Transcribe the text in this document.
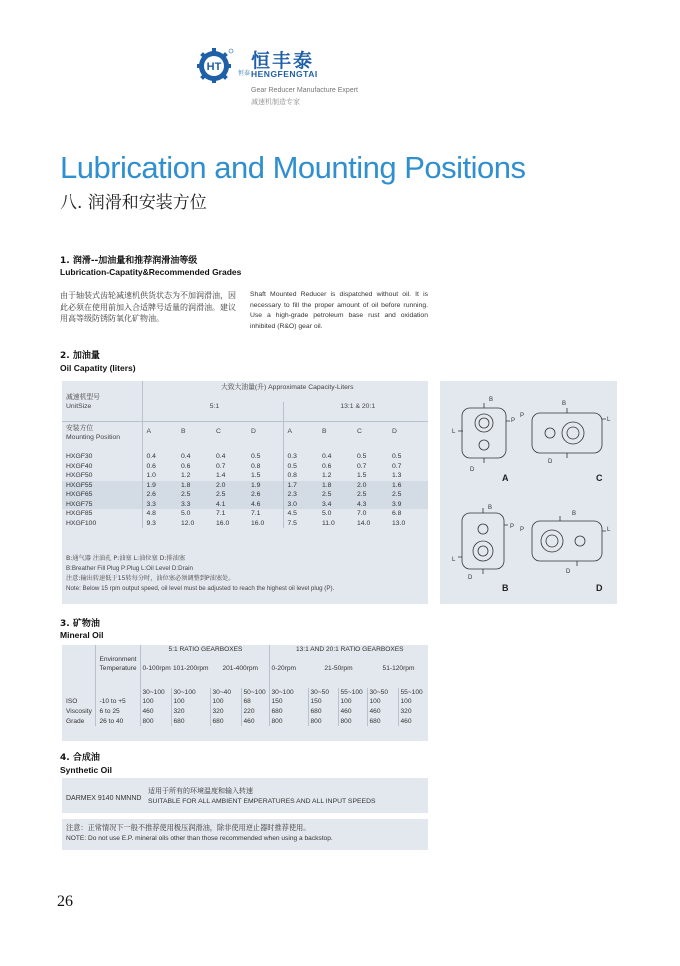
HT
恒泰
恒丰泰
HENGFENGTAI
Gear Reducer Manufacture Expert
减速机制造专家
Lubrication and Mounting Positions
八. 润滑和安装方位
1. 润滑--加油量和推荐润滑油等级
Lubrication-Capatity&Recommended Grades
由于轴装式齿轮减速机供货状态为不加润滑油，因此必须在使用前加入合适牌号适量的润滑油。建议用高等级防锈防氧化矿物油。
Shaft Mounted Reducer is dispatched without oil. It is necessary to fill the proper amount of oil before running. Use a high-grade petroleum base rust and oxidation inhibited (R&O) gear oil.
2. 加油量
Oil Capatity (liters)
	大致大油量(升) Approximate Capacity-Liters							
减速机型号								
UnitSize	5:1				13:1 & 20:1			

安装方位	A	B	C	D	A	B	C	D
Mounting Position								

HXGF30	0.4	0.4	0.4	0.5	0.3	0.4	0.5	0.5
HXGF40	0.6	0.6	0.7	0.8	0.5	0.6	0.7	0.7
HXGF50	1.0	1.2	1.4	1.5	0.8	1.2	1.5	1.3
HXGF55	1.9	1.8	2.0	1.9	1.7	1.8	2.0	1.6
HXGF65	2.6	2.5	2.5	2.6	2.3	2.5	2.5	2.5
HXGF75	3.3	3.3	4.1	4.6	3.0	3.4	4.3	3.9
HXGF85	4.8	5.0	7.1	7.1	4.5	5.0	7.0	6.8
HXGF100	9.3	12.0	16.0	16.0	7.5	11.0	14.0	13.0
B:通气器 注油孔 P:油塞 L:油位塞 D:排油塞
B:Breather Fill Plug P:Plug L:Oil Level D:Drain
注意:输出转速低于15转每分时，油位塞必须调整到P油塞处。
Note: Below 15 rpm output speed, oil level must be adjusted to reach the highest oil level plug (P).
B
P
L
D
B
P
L
D
B
P
L
D
B
P	L
D
A	C
B	D
3. 矿物油
Mineral Oil
		5:1 RATIO GEARBOXES				13:1 AND 20:1 RATIO GEARBOXES				
	Environment									
	Temperature	0-100rpm	101-200rpm	201-400rpm		0-20rpm	21-50rpm		51-120rpm	

		30~100	30~100	30~40	50~100	30~100	30~50	55~100	30~50	55~100
ISO	-10 to +5	100	100	100	68	150	150	100	100	100
Viscosity	6 to 25	460	320	320	220	680	680	460	460	320
Grade	26 to 40	800	680	680	460	800	800	800	680	460
4. 合成油
Synthetic Oil
DARMEX 9140 NMNND
适用于所有的环境温度和输入转速
SUITABLE FOR ALL AMBIENT EMPERATURES AND ALL INPUT SPEEDS
注意：正常情况下一般不推荐使用极压润滑油，除非使用逆止器时推荐使用。
NOTE: Do not use E.P. mineral oils other than those recommended when using a backstop.
26
